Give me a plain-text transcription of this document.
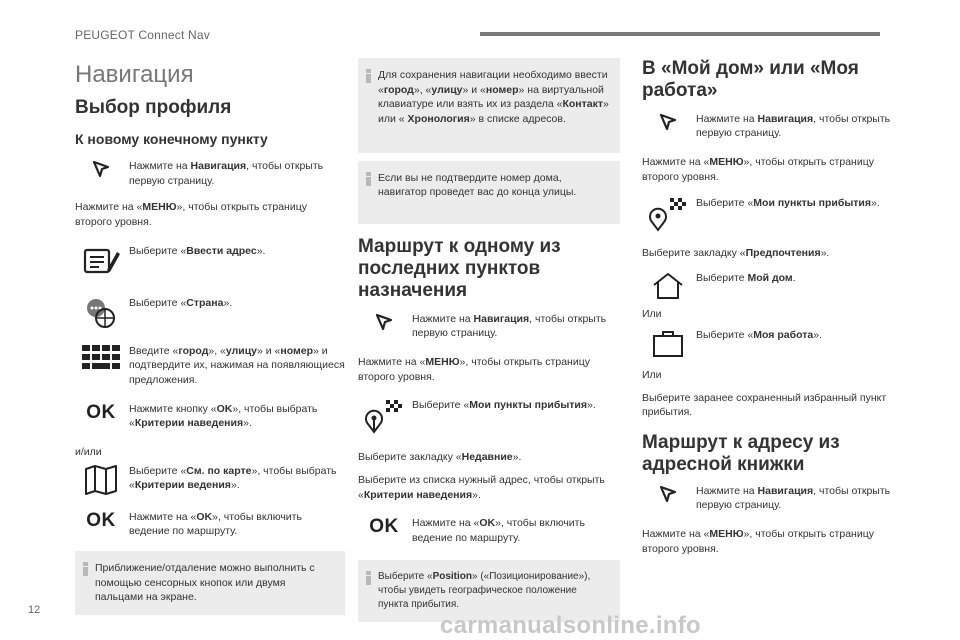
PEUGEOT Connect Nav
Навигация
Выбор профиля
К новому конечному пункту

Нажмите на Навигация, чтобы открыть первую страницу.

Нажмите на «МЕНЮ», чтобы открыть страницу второго уровня.

Выберите «Ввести адрес».

Выберите «Страна».

Введите «город», «улицу» и «номер» и подтвердите их, нажимая на появляющиеся предложения.

OK Нажмите кнопку «OK», чтобы выбрать «Критерии наведения».

и/или

Выберите «См. по карте», чтобы выбрать «Критерии ведения».

OK Нажмите на «OK», чтобы включить ведение по маршруту.

Приближение/отдаление можно выполнить с помощью сенсорных кнопок или двумя пальцами на экране.

Для сохранения навигации необходимо ввести «город», «улицу» и «номер» на виртуальной клавиатуре или взять их из раздела «Контакт» или « Хронология» в списке адресов.

Если вы не подтвердите номер дома, навигатор проведет вас до конца улицы.

Маршрут к одному из последних пунктов назначения

Нажмите на Навигация, чтобы открыть первую страницу.

Нажмите на «МЕНЮ», чтобы открыть страницу второго уровня.

Выберите «Мои пункты прибытия».

Выберите закладку «Недавние».

Выберите из списка нужный адрес, чтобы открыть «Критерии наведения».

OK Нажмите на «OK», чтобы включить ведение по маршруту.

Выберите «Position» («Позиционирование»), чтобы увидеть географическое положение пункта прибытия.

В «Мой дом» или «Моя работа»

Нажмите на Навигация, чтобы открыть первую страницу.

Нажмите на «МЕНЮ», чтобы открыть страницу второго уровня.

Выберите «Мои пункты прибытия».

Выберите закладку «Предпочтения».

Выберите Мой дом.

Или

Выберите «Моя работа».

Или

Выберите заранее сохраненный избранный пункт прибытия.

Маршрут к адресу из адресной книжки

Нажмите на Навигация, чтобы открыть первую страницу.

Нажмите на «МЕНЮ», чтобы открыть страницу второго уровня.

12
carmanualsonline.info
